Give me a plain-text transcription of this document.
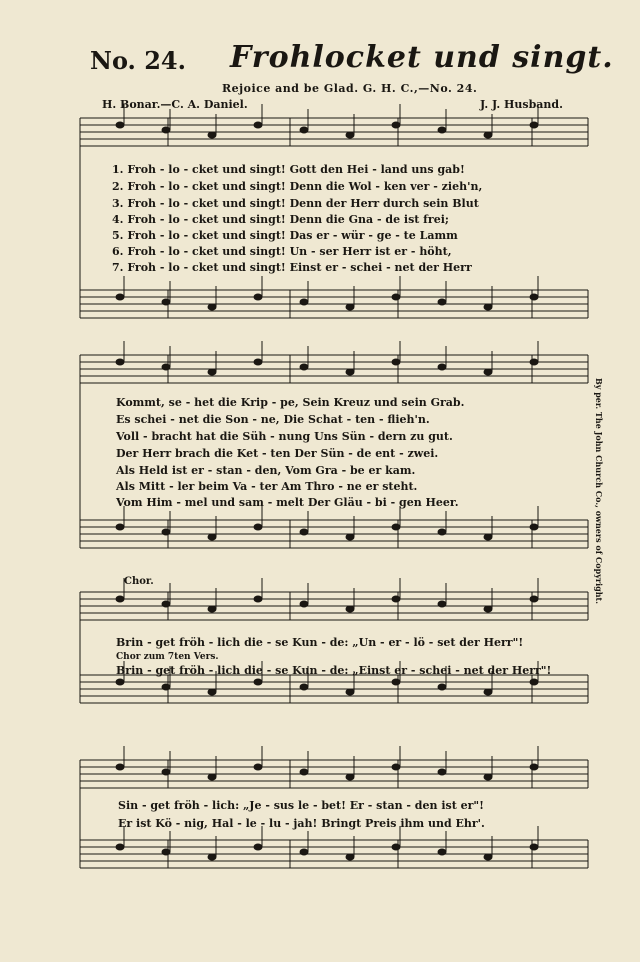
No. 24. Frohlocket und singt.
Rejoice and be Glad. G. H. C.,—No. 24.
H. Bonar.—C. A. Daniel.	J. J. Husband.
By per. The John Church Co., owners of Copyright.
1. Froh - lo - cket und singt! Gott den Hei - land uns gab!
2. Froh - lo - cket und singt! Denn die Wol - ken ver - zieh'n,
3. Froh - lo - cket und singt! Denn der Herr durch sein Blut
4. Froh - lo - cket und singt! Denn die Gna - de ist frei;
5. Froh - lo - cket und singt! Das er - wür - ge - te Lamm
6. Froh - lo - cket und singt! Un - ser Herr ist er - höht,
7. Froh - lo - cket und singt! Einst er - schei - net der Herr
Kommt, se - het die Krip - pe, Sein Kreuz und sein Grab.
Es schei - net die Son - ne, Die Schat - ten - flieh'n.
Voll - bracht hat die Süh - nung Uns Sün - dern zu gut.
Der Herr brach die Ket - ten Der Sün - de ent - zwei.
Als Held ist er - stan - den, Vom Gra - be er kam.
Als Mitt - ler beim Va - ter Am Thro - ne er steht.
Vom Him - mel und sam - melt Der Gläu - bi - gen Heer.
Chor.
Brin - get fröh - lich die - se Kun - de: „Un - er - lö - set der Herr"!
Chor zum 7ten Vers.
Brin - get fröh - lich die - se Kun - de: „Einst er - schei - net der Herr"!
Sin - get fröh - lich: „Je - sus le - bet! Er - stan - den ist er"!
Er ist Kö - nig, Hal - le - lu - jah! Bringt Preis ihm und Ehr'.
